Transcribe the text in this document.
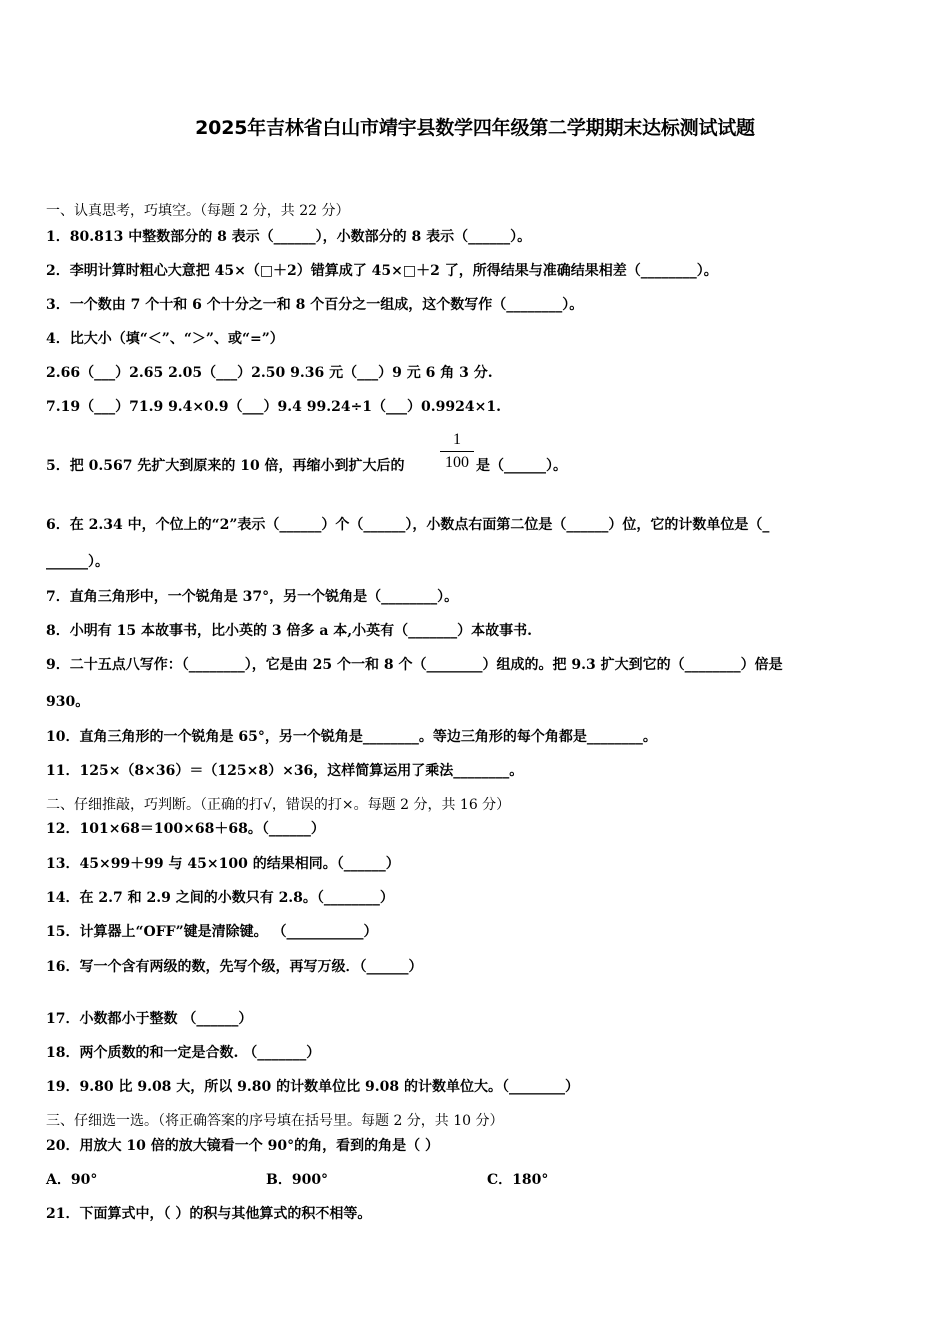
2025年吉林省白山市靖宇县数学四年级第二学期期末达标测试试题
一、认真思考，巧填空。（每题 2 分，共 22 分）
1．80.813 中整数部分的 8 表示（______），小数部分的 8 表示（______）。
2．李明计算时粗心大意把 45×（□＋2）错算成了 45×□＋2 了，所得结果与准确结果相差（________）。
3．一个数由 7 个十和 6 个十分之一和 8 个百分之一组成，这个数写作（________）。
4．比大小（填“＜”、“＞”、或“=”）
2.66（___）2.65 2.05（___）2.50 9.36 元（___）9 元 6 角 3 分.
7.19（___）71.9 9.4×0.9（___）9.4 99.24÷1（___）0.9924×1.
5．把 0.567 先扩大到原来的 10 倍，再缩小到扩大后的
1
100 是（______）。
6．在 2.34 中，个位上的“2”表示（______）个（______），小数点右面第二位是（______）位，它的计数单位是（_
______）。
7．直角三角形中，一个锐角是 37°，另一个锐角是（________）。
8．小明有 15 本故事书，比小英的 3 倍多 a 本,小英有（_______）本故事书.
9．二十五点八写作：（________），它是由 25 个一和 8 个（________）组成的。把 9.3 扩大到它的（________）倍是
930。
10．直角三角形的一个锐角是 65°，另一个锐角是________。等边三角形的每个角都是________。
11．125×（8×36）＝（125×8）×36，这样简算运用了乘法________。
二、仔细推敲，巧判断。（正确的打√，错误的打×。每题 2 分，共 16 分）
12．101×68＝100×68＋68。（______）
13．45×99＋99 与 45×100 的结果相同。（______）
14．在 2.7 和 2.9 之间的小数只有 2.8。（________）
15．计算器上“OFF”键是清除键。 （___________）
16．写一个含有两级的数，先写个级，再写万级．（______）
17．小数都小于整数 （______）
18．两个质数的和一定是合数. （_______）
19．9.80 比 9.08 大，所以 9.80 的计数单位比 9.08 的计数单位大。（________）
三、仔细选一选。（将正确答案的序号填在括号里。每题 2 分，共 10 分）
20．用放大 10 倍的放大镜看一个 90°的角，看到的角是（ ）
A．90°	B．900°	C．180°
21．下面算式中，（ ）的积与其他算式的积不相等。
